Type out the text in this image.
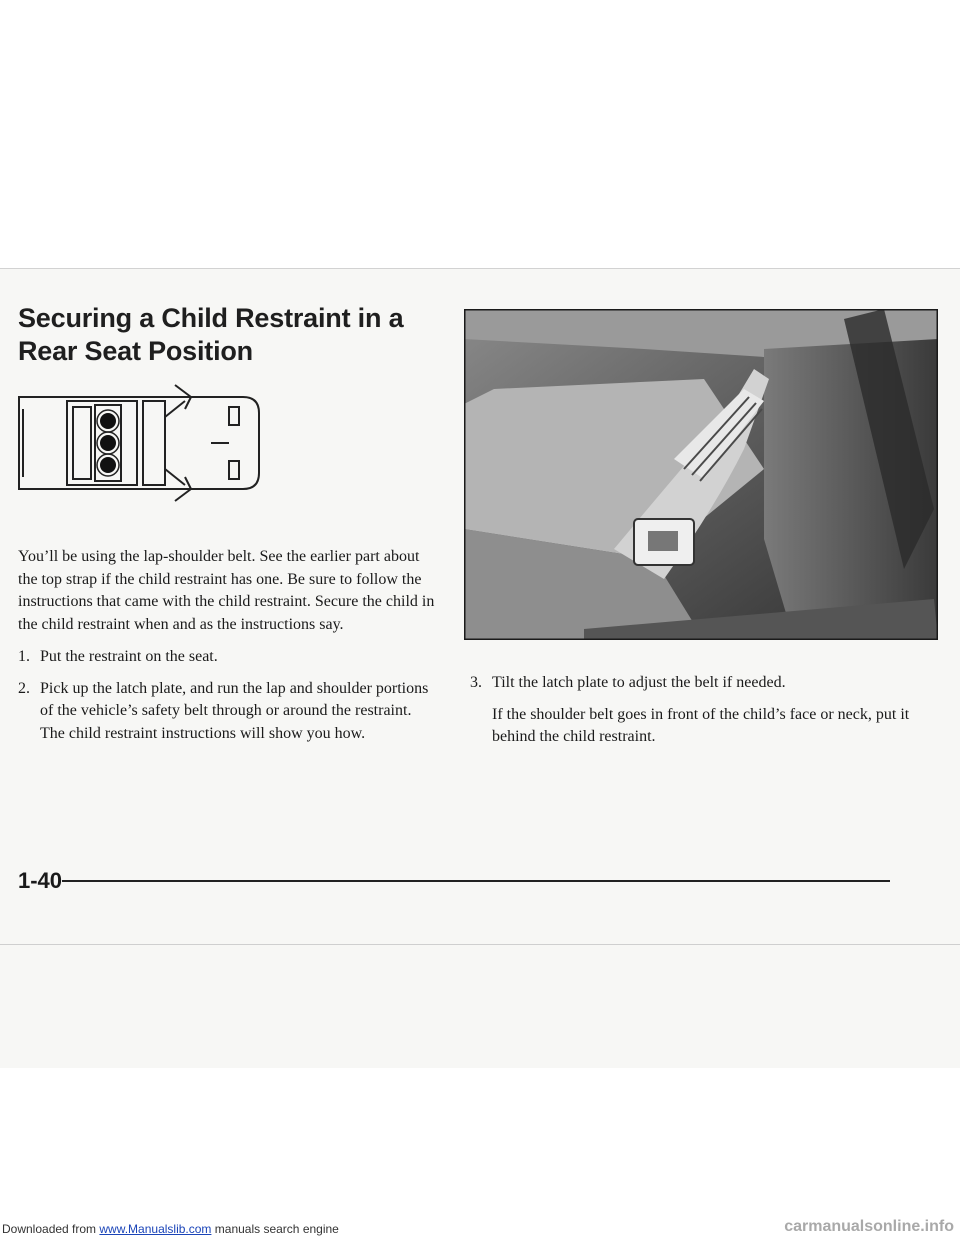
Securing a Child Restraint in a
Rear Seat Position

You’ll be using the lap-shoulder belt. See the earlier part about the top strap if the child restraint has one. Be sure to follow the instructions that came with the child restraint. Secure the child in the child restraint when and as the instructions say.

1. Put the restraint on the seat.
2. Pick up the latch plate, and run the lap and shoulder portions of the vehicle’s safety belt through or around the restraint. The child restraint instructions will show you how.
3. Tilt the latch plate to adjust the belt if needed.

If the shoulder belt goes in front of the child’s face or neck, put it behind the child restraint.

1-40

Downloaded from www.Manualslib.com manuals search engine	carmanualsonline.info
